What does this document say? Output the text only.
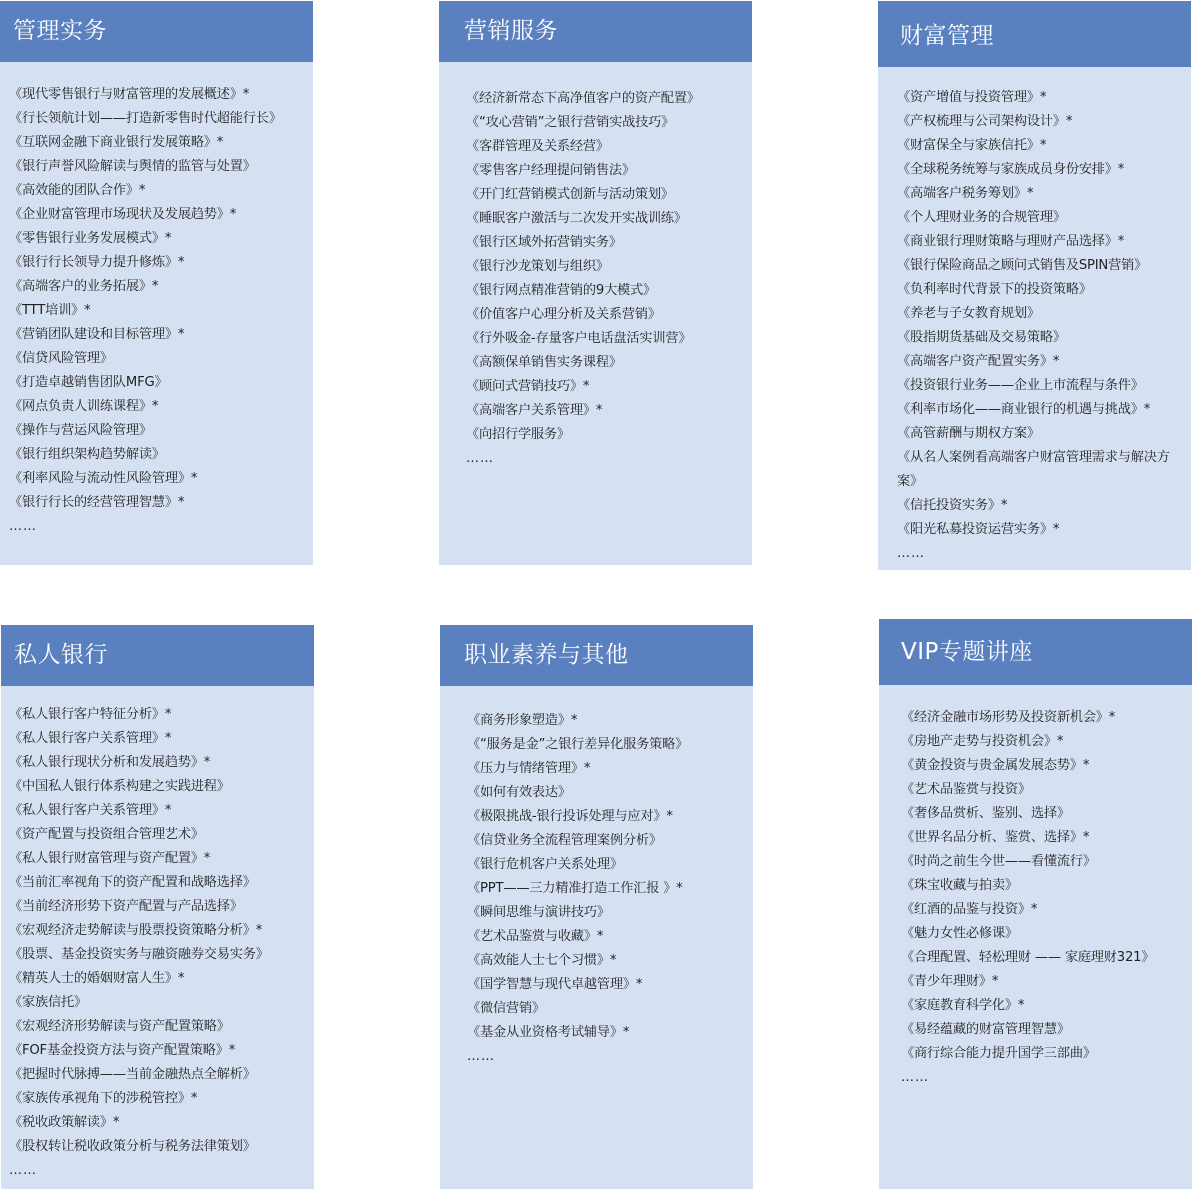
管理实务
《现代零售银行与财富管理的发展概述》*
《行长领航计划——打造新零售时代超能行长》
《互联网金融下商业银行发展策略》*
《银行声誉风险解读与舆情的监管与处置》
《高效能的团队合作》*
《企业财富管理市场现状及发展趋势》*
《零售银行业务发展模式》*
《银行行长领导力提升修炼》*
《高端客户的业务拓展》*
《TTT培训》*
《营销团队建设和目标管理》*
《信贷风险管理》
《打造卓越销售团队MFG》
《网点负责人训练课程》*
《操作与营运风险管理》
《银行组织架构趋势解读》
《利率风险与流动性风险管理》*
《银行行长的经营管理智慧》*
……
营销服务
《经济新常态下高净值客户的资产配置》
《“攻心营销”之银行营销实战技巧》
《客群管理及关系经营》
《零售客户经理提问销售法》
《开门红营销模式创新与活动策划》
《睡眠客户激活与二次发开实战训练》
《银行区域外拓营销实务》
《银行沙龙策划与组织》
《银行网点精准营销的9大模式》
《价值客户心理分析及关系营销》
《行外吸金-存量客户电话盘活实训营》
《高额保单销售实务课程》
《顾问式营销技巧》*
《高端客户关系管理》*
《向招行学服务》
……
财富管理
《资产增值与投资管理》*
《产权梳理与公司架构设计》*
《财富保全与家族信托》*
《全球税务统筹与家族成员身份安排》*
《高端客户税务筹划》*
《个人理财业务的合规管理》
《商业银行理财策略与理财产品选择》*
《银行保险商品之顾问式销售及SPIN营销》
《负利率时代背景下的投资策略》
《养老与子女教育规划》
《股指期货基础及交易策略》
《高端客户资产配置实务》*
《投资银行业务——企业上市流程与条件》
《利率市场化——商业银行的机遇与挑战》*
《高管薪酬与期权方案》
《从名人案例看高端客户财富管理需求与解决方案》
《信托投资实务》*
《阳光私募投资运营实务》*
……
私人银行
《私人银行客户特征分析》*
《私人银行客户关系管理》*
《私人银行现状分析和发展趋势》*
《中国私人银行体系构建之实践进程》
《私人银行客户关系管理》*
《资产配置与投资组合管理艺术》
《私人银行财富管理与资产配置》*
《当前汇率视角下的资产配置和战略选择》
《当前经济形势下资产配置与产品选择》
《宏观经济走势解读与股票投资策略分析》*
《股票、基金投资实务与融资融券交易实务》
《精英人士的婚姻财富人生》*
《家族信托》
《宏观经济形势解读与资产配置策略》
《FOF基金投资方法与资产配置策略》*
《把握时代脉搏——当前金融热点全解析》
《家族传承视角下的涉税管控》*
《税收政策解读》*
《股权转让税收政策分析与税务法律策划》
……
职业素养与其他
《商务形象塑造》*
《“服务是金”之银行差异化服务策略》
《压力与情绪管理》*
《如何有效表达》
《极限挑战-银行投诉处理与应对》*
《信贷业务全流程管理案例分析》
《银行危机客户关系处理》
《PPT——三力精准打造工作汇报 》*
《瞬间思维与演讲技巧》
《艺术品鉴赏与收藏》*
《高效能人士七个习惯》*
《国学智慧与现代卓越管理》*
《微信营销》
《基金从业资格考试辅导》*
……
VIP专题讲座
《经济金融市场形势及投资新机会》*
《房地产走势与投资机会》*
《黄金投资与贵金属发展态势》*
《艺术品鉴赏与投资》
《奢侈品赏析、鉴别、选择》
《世界名品分析、鉴赏、选择》*
《时尚之前生今世——看懂流行》
《珠宝收藏与拍卖》
《红酒的品鉴与投资》*
《魅力女性必修课》
《合理配置、轻松理财 —— 家庭理财321》
《青少年理财》*
《家庭教育科学化》*
《易经蕴藏的财富管理智慧》
《商行综合能力提升国学三部曲》
……
